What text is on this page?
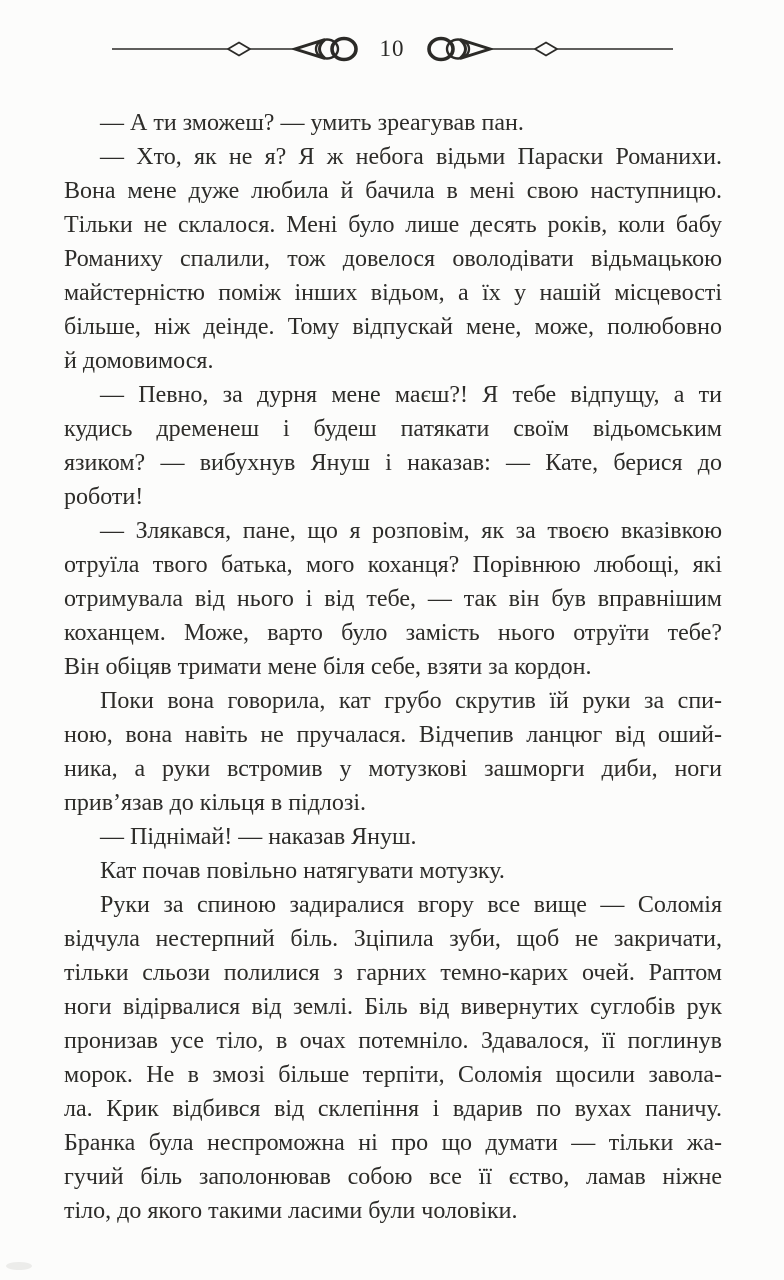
10

— А ти зможеш? — умить зреагував пан.

— Хто, як не я? Я ж небога відьми Параски Романихи.
Вона мене дуже любила й бачила в мені свою наступницю.
Тільки не склалося. Мені було лише десять років, коли бабу
Романиху спалили, тож довелося оволодівати відьмацькою
майстерністю поміж інших відьом, а їх у нашій місцевості
більше, ніж деінде. Тому відпускай мене, може, полюбовно
й домовимося.

— Певно, за дурня мене маєш?! Я тебе відпущу, а ти
кудись дременеш і будеш патякати своїм відьомським
язиком? — вибухнув Януш і наказав: — Кате, берися до
роботи!

— Злякався, пане, що я розповім, як за твоєю вказівкою
отруїла твого батька, мого коханця? Порівнюю любощі, які
отримувала від нього і від тебе, — так він був вправнішим
коханцем. Може, варто було замість нього отруїти тебе?
Він обіцяв тримати мене біля себе, взяти за кордон.

Поки вона говорила, кат грубо скрутив їй руки за спи-
ною, вона навіть не пручалася. Відчепив ланцюг від оший-
ника, а руки встромив у мотузкові зашморги диби, ноги
прив’язав до кільця в підлозі.

— Піднімай! — наказав Януш.

Кат почав повільно натягувати мотузку.

Руки за спиною задиралися вгору все вище — Соломія
відчула нестерпний біль. Зціпила зуби, щоб не закричати,
тільки сльози полилися з гарних темно-карих очей. Раптом
ноги відірвалися від землі. Біль від вивернутих суглобів рук
пронизав усе тіло, в очах потемніло. Здавалося, її поглинув
морок. Не в змозі більше терпіти, Соломія щосили завола-
ла. Крик відбився від склепіння і вдарив по вухах паничу.
Бранка була неспроможна ні про що думати — тільки жа-
гучий біль заполонював собою все її єство, ламав ніжне
тіло, до якого такими ласими були чоловіки.
